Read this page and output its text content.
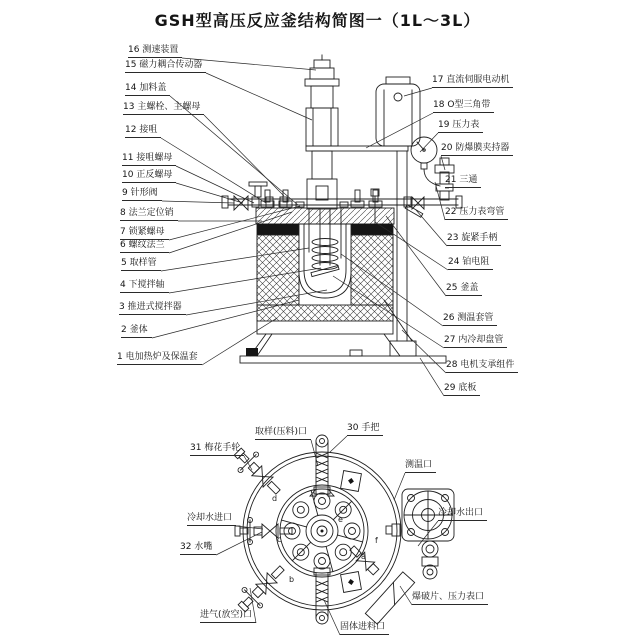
GSH型高压反应釜结构简图一（1L～3L）
16 测速装置
15 磁力耦合传动器
14 加料盖
13 主螺栓、主螺母
12 接咀
11 接咀螺母
10 正反螺母
9 针形阀
8 法兰定位销
7 锁紧螺母
6 螺纹法兰
5 取样管
4 下搅拌轴
3 推进式搅拌器
2 釜体
1 电加热炉及保温套
17 直流伺服电动机
18 O型三角带
19 压力表
20 防爆膜夹持器
21 三通
22 压力表弯管
23 旋紧手柄
24 铂电阻
25 釜盖
26 测温套管
27 内冷却盘管
28 电机支承组件
29 底板
31 梅花手轮
取样(压料)口	30 手把
测温口
冷却水进口	冷却水出口
32 水嘴
进气(放空)口
固体进料口
爆破片、压力表口
a
b
c
d
e
f
